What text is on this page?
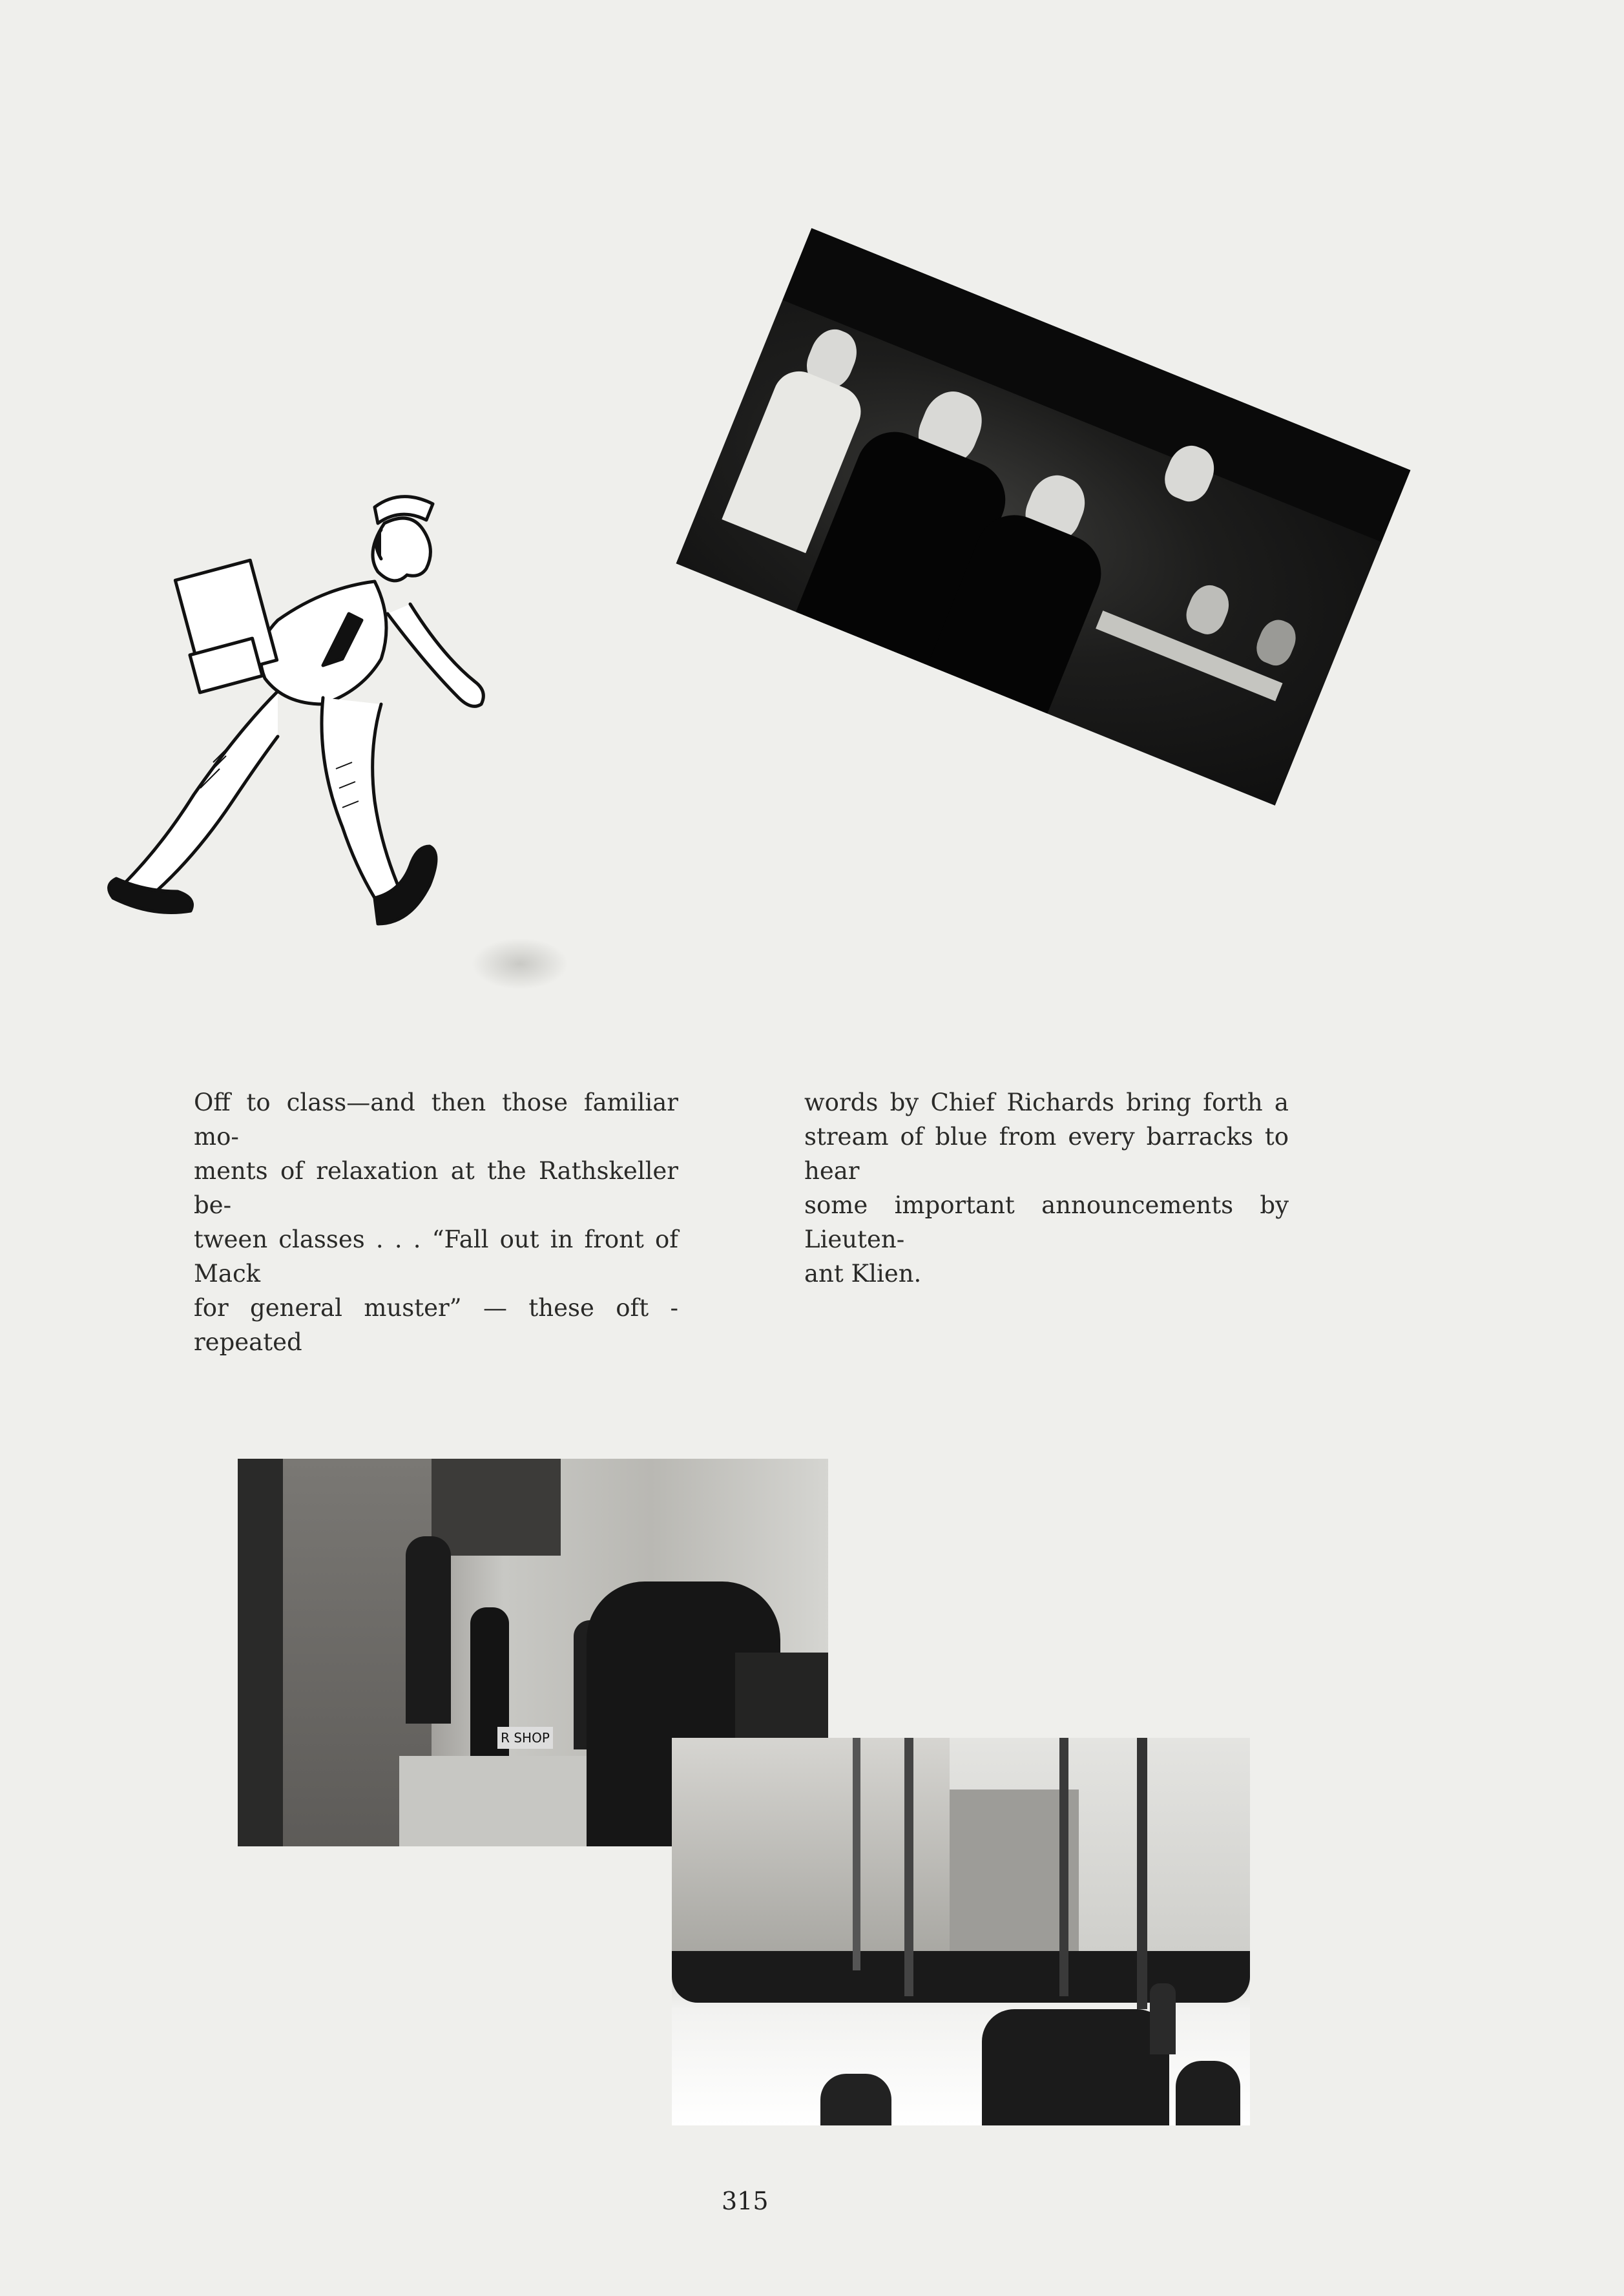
Off to class—and then those familiar mo-
ments of relaxation at the Rathskeller be-
tween classes . . . “Fall out in front of Mack
for general muster” — these oft - repeated
words by Chief Richards bring forth a
stream of blue from every barracks to hear
some important announcements by Lieuten-
ant Klien.
R SHOP
315
